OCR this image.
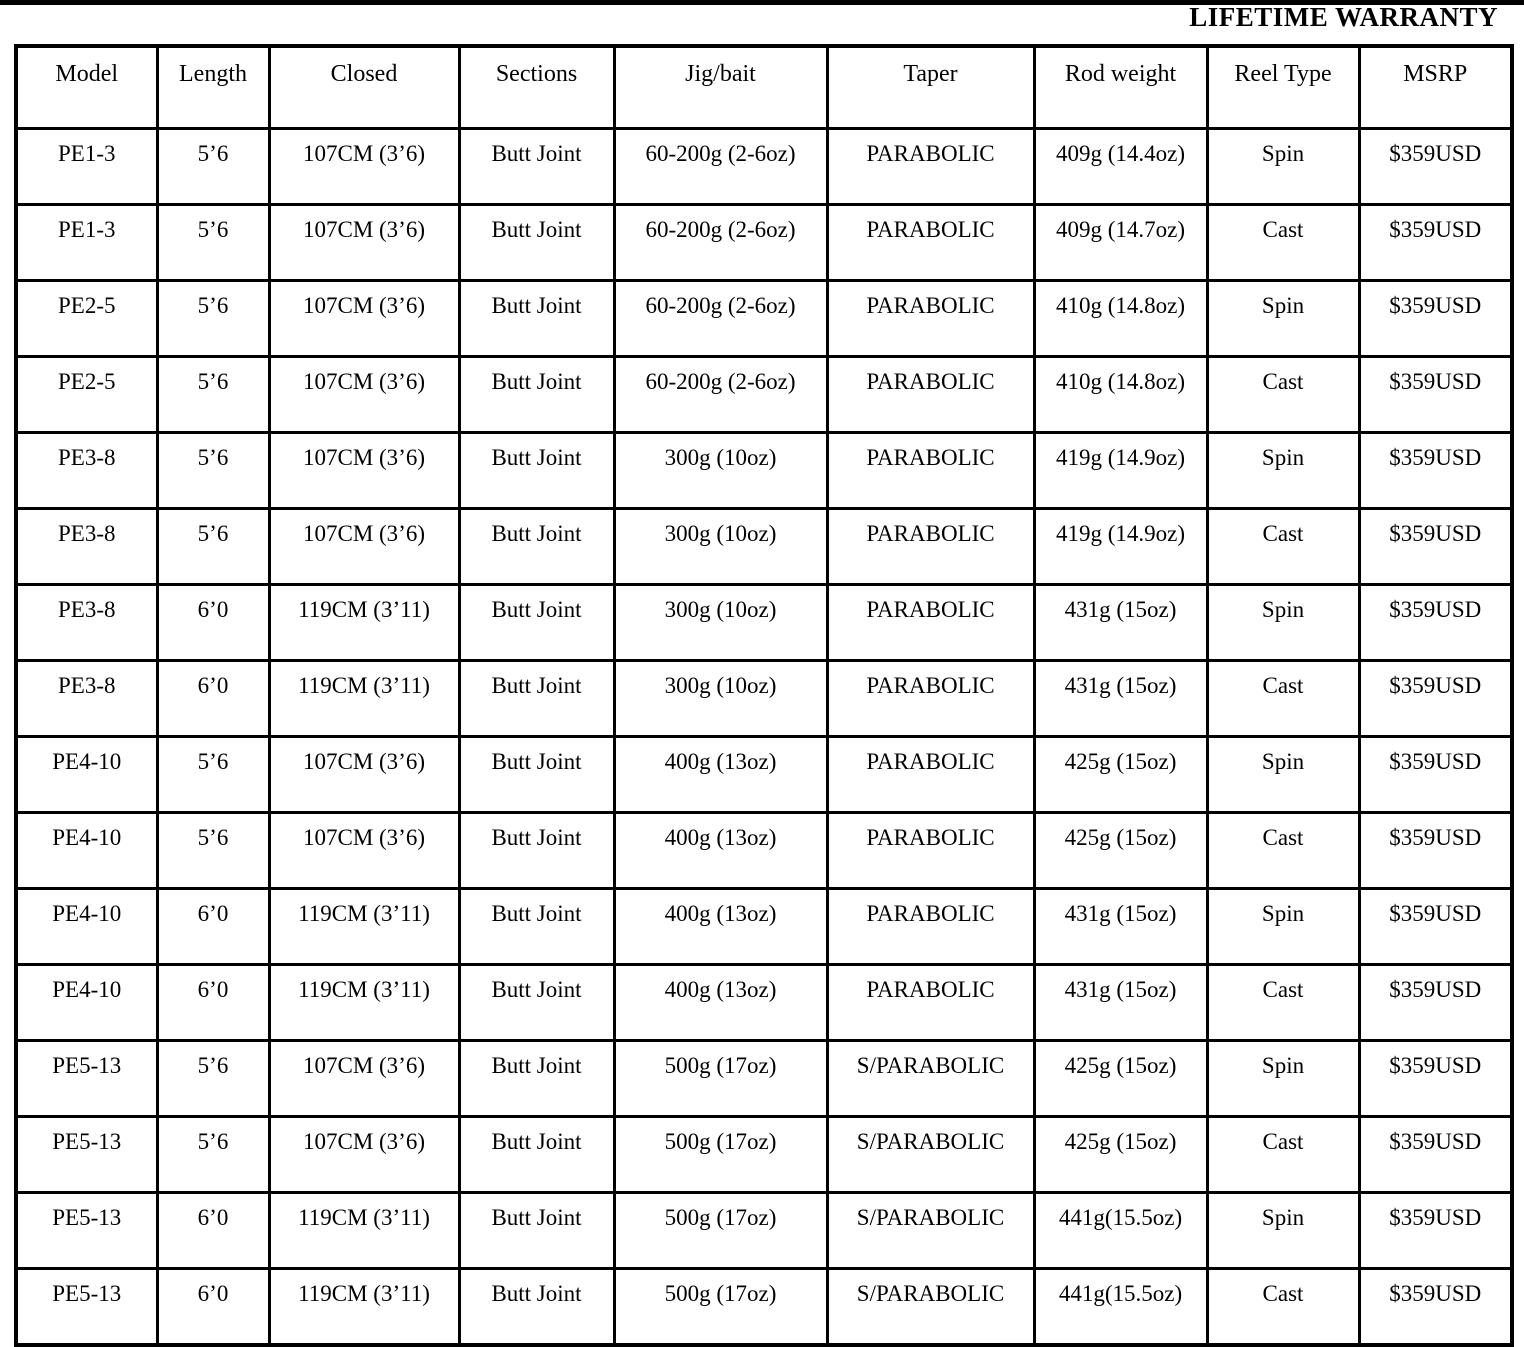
LIFETIME WARRANTY
Model	Length	Closed	Sections	Jig/bait	Taper	Rod weight	Reel Type	MSRP
PE1-3	5’6	107CM (3’6)	Butt Joint	60-200g (2-6oz)	PARABOLIC	409g (14.4oz)	Spin	$359USD
PE1-3	5’6	107CM (3’6)	Butt Joint	60-200g (2-6oz)	PARABOLIC	409g (14.7oz)	Cast	$359USD
PE2-5	5’6	107CM (3’6)	Butt Joint	60-200g (2-6oz)	PARABOLIC	410g (14.8oz)	Spin	$359USD
PE2-5	5’6	107CM (3’6)	Butt Joint	60-200g (2-6oz)	PARABOLIC	410g (14.8oz)	Cast	$359USD
PE3-8	5’6	107CM (3’6)	Butt Joint	300g (10oz)	PARABOLIC	419g (14.9oz)	Spin	$359USD
PE3-8	5’6	107CM (3’6)	Butt Joint	300g (10oz)	PARABOLIC	419g (14.9oz)	Cast	$359USD
PE3-8	6’0	119CM (3’11)	Butt Joint	300g (10oz)	PARABOLIC	431g (15oz)	Spin	$359USD
PE3-8	6’0	119CM (3’11)	Butt Joint	300g (10oz)	PARABOLIC	431g (15oz)	Cast	$359USD
PE4-10	5’6	107CM (3’6)	Butt Joint	400g (13oz)	PARABOLIC	425g (15oz)	Spin	$359USD
PE4-10	5’6	107CM (3’6)	Butt Joint	400g (13oz)	PARABOLIC	425g (15oz)	Cast	$359USD
PE4-10	6’0	119CM (3’11)	Butt Joint	400g (13oz)	PARABOLIC	431g (15oz)	Spin	$359USD
PE4-10	6’0	119CM (3’11)	Butt Joint	400g (13oz)	PARABOLIC	431g (15oz)	Cast	$359USD
PE5-13	5’6	107CM (3’6)	Butt Joint	500g (17oz)	S/PARABOLIC	425g (15oz)	Spin	$359USD
PE5-13	5’6	107CM (3’6)	Butt Joint	500g (17oz)	S/PARABOLIC	425g (15oz)	Cast	$359USD
PE5-13	6’0	119CM (3’11)	Butt Joint	500g (17oz)	S/PARABOLIC	441g(15.5oz)	Spin	$359USD
PE5-13	6’0	119CM (3’11)	Butt Joint	500g (17oz)	S/PARABOLIC	441g(15.5oz)	Cast	$359USD
